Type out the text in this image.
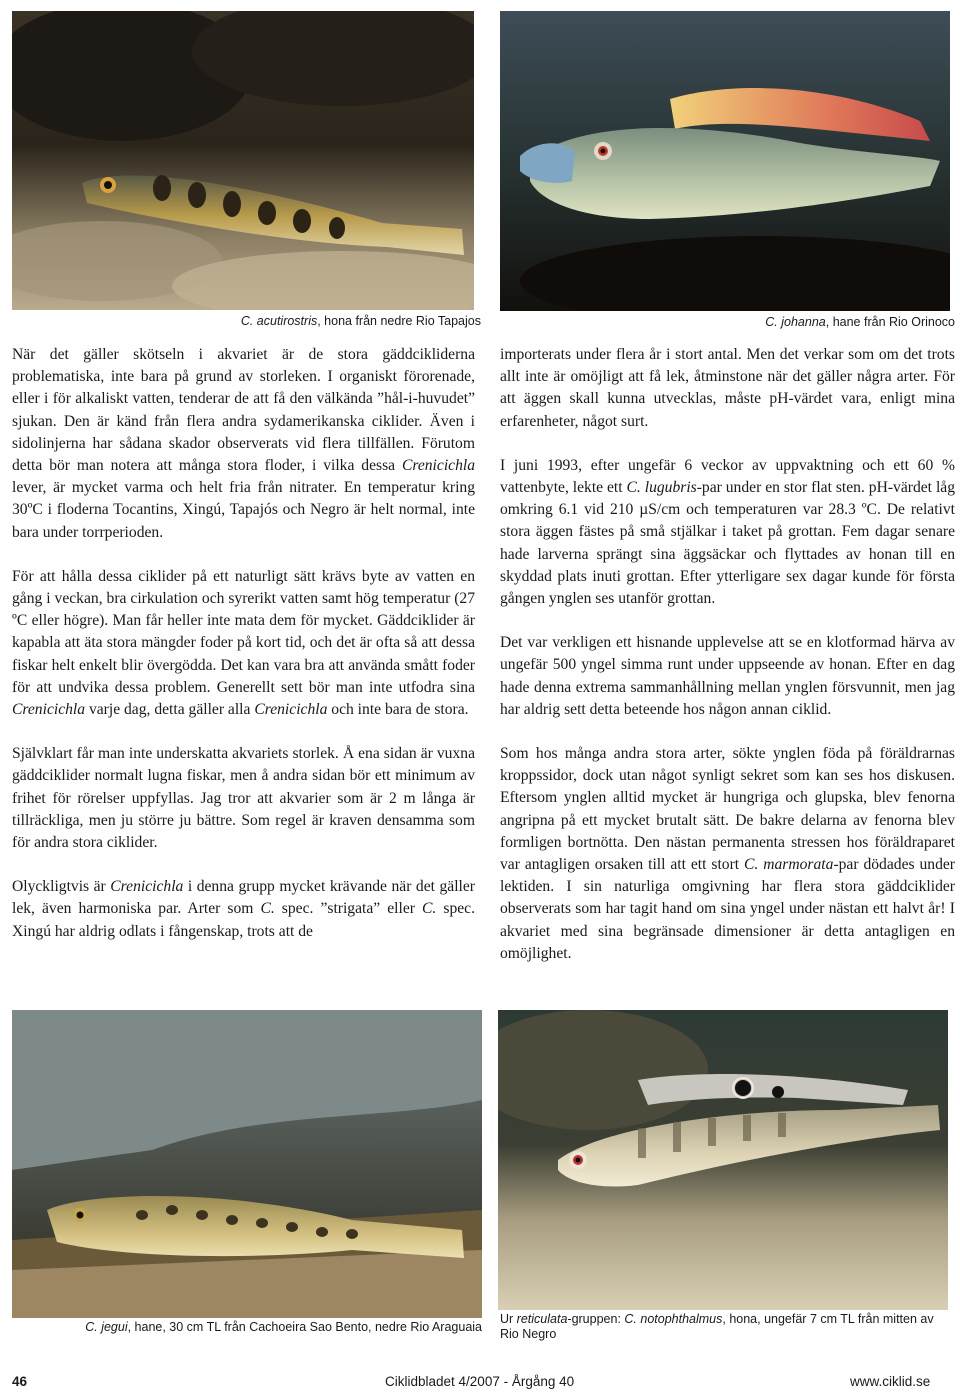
C. acutirostris, hona från nedre Rio Tapajos	C. johanna, hane från Rio Orinoco

När det gäller skötseln i akvariet är de stora gäddcikliderna problematiska, inte bara på grund av storleken. I organiskt förorenade, eller i för alkaliskt vatten, tenderar de att få den välkända ”hål-i-huvudet” sjukan. Den är känd från flera andra sydamerikanska ciklider. Även i sidolinjerna har sådana skador observerats vid flera tillfällen. Förutom detta bör man notera att många stora floder, i vilka dessa Crenicichla lever, är mycket varma och helt fria från nitrater. En temperatur kring 30ºC i floderna Tocantins, Xingú, Tapajós och Negro är helt normal, inte bara under torrperioden.

För att hålla dessa ciklider på ett naturligt sätt krävs byte av vatten en gång i veckan, bra cirkulation och syrerikt vatten samt hög temperatur (27 ºC eller högre). Man får heller inte mata dem för mycket. Gäddciklider är kapabla att äta stora mängder foder på kort tid, och det är ofta så att dessa fiskar helt enkelt blir övergödda. Det kan vara bra att använda smått foder för att undvika dessa problem. Generellt sett bör man inte utfodra sina Crenicichla varje dag, detta gäller alla Crenicichla och inte bara de stora.

Självklart får man inte underskatta akvariets storlek. Å ena sidan är vuxna gäddciklider normalt lugna fiskar, men å andra sidan bör ett minimum av frihet för rörelser uppfyllas. Jag tror att akvarier som är 2 m långa är tillräckliga, men ju större ju bättre. Som regel är kraven densamma som för andra stora ciklider.

Olyckligtvis är Crenicichla i denna grupp mycket krävande när det gäller lek, även harmoniska par. Arter som C. spec. ”strigata” eller C. spec. Xingú har aldrig odlats i fångenskap, trots att de

importerats under flera år i stort antal. Men det verkar som om det trots allt inte är omöjligt att få lek, åtminstone när det gäller några arter. För att äggen skall kunna utvecklas, måste pH-värdet vara, enligt mina erfarenheter, något surt.

I juni 1993, efter ungefär 6 veckor av uppvaktning och ett 60 % vattenbyte, lekte ett C. lugubris-par under en stor flat sten. pH-värdet låg omkring 6.1 vid 210 µS/cm och temperaturen var 28.3 ºC. De relativt stora äggen fästes på små stjälkar i taket på grottan. Fem dagar senare hade larverna sprängt sina äggsäckar och flyttades av honan till en skyddad plats inuti grottan. Efter ytterligare sex dagar kunde för första gången ynglen ses utanför grottan.

Det var verkligen ett hisnande upplevelse att se en klotformad härva av ungefär 500 yngel simma runt under uppseende av honan. Efter en dag hade denna extrema sammanhållning mellan ynglen försvunnit, men jag har aldrig sett detta beteende hos någon annan ciklid.

Som hos många andra stora arter, sökte ynglen föda på föräldrarnas kroppssidor, dock utan något synligt sekret som kan ses hos diskusen. Eftersom ynglen alltid mycket är hungriga och glupska, blev fenorna angripna på ett mycket brutalt sätt. De bakre delarna av fenorna blev formligen bortnötta. Den nästan permanenta stressen hos föräldraparet var antagligen orsaken till att ett stort C. marmorata-par dödades under lektiden. I sin naturliga omgivning har flera stora gäddciklider observerats som har tagit hand om sina yngel under nästan ett halvt år! I akvariet med sina begränsade dimensioner är detta antagligen en omöjlighet.

C. jegui, hane, 30 cm TL från Cachoeira Sao Bento, nedre Rio Araguaia
Ur reticulata-gruppen: C. notophthalmus, hona, ungefär 7 cm TL från mitten av Rio Negro
46	Ciklidbladet 4/2007 - Årgång 40	www.ciklid.se
